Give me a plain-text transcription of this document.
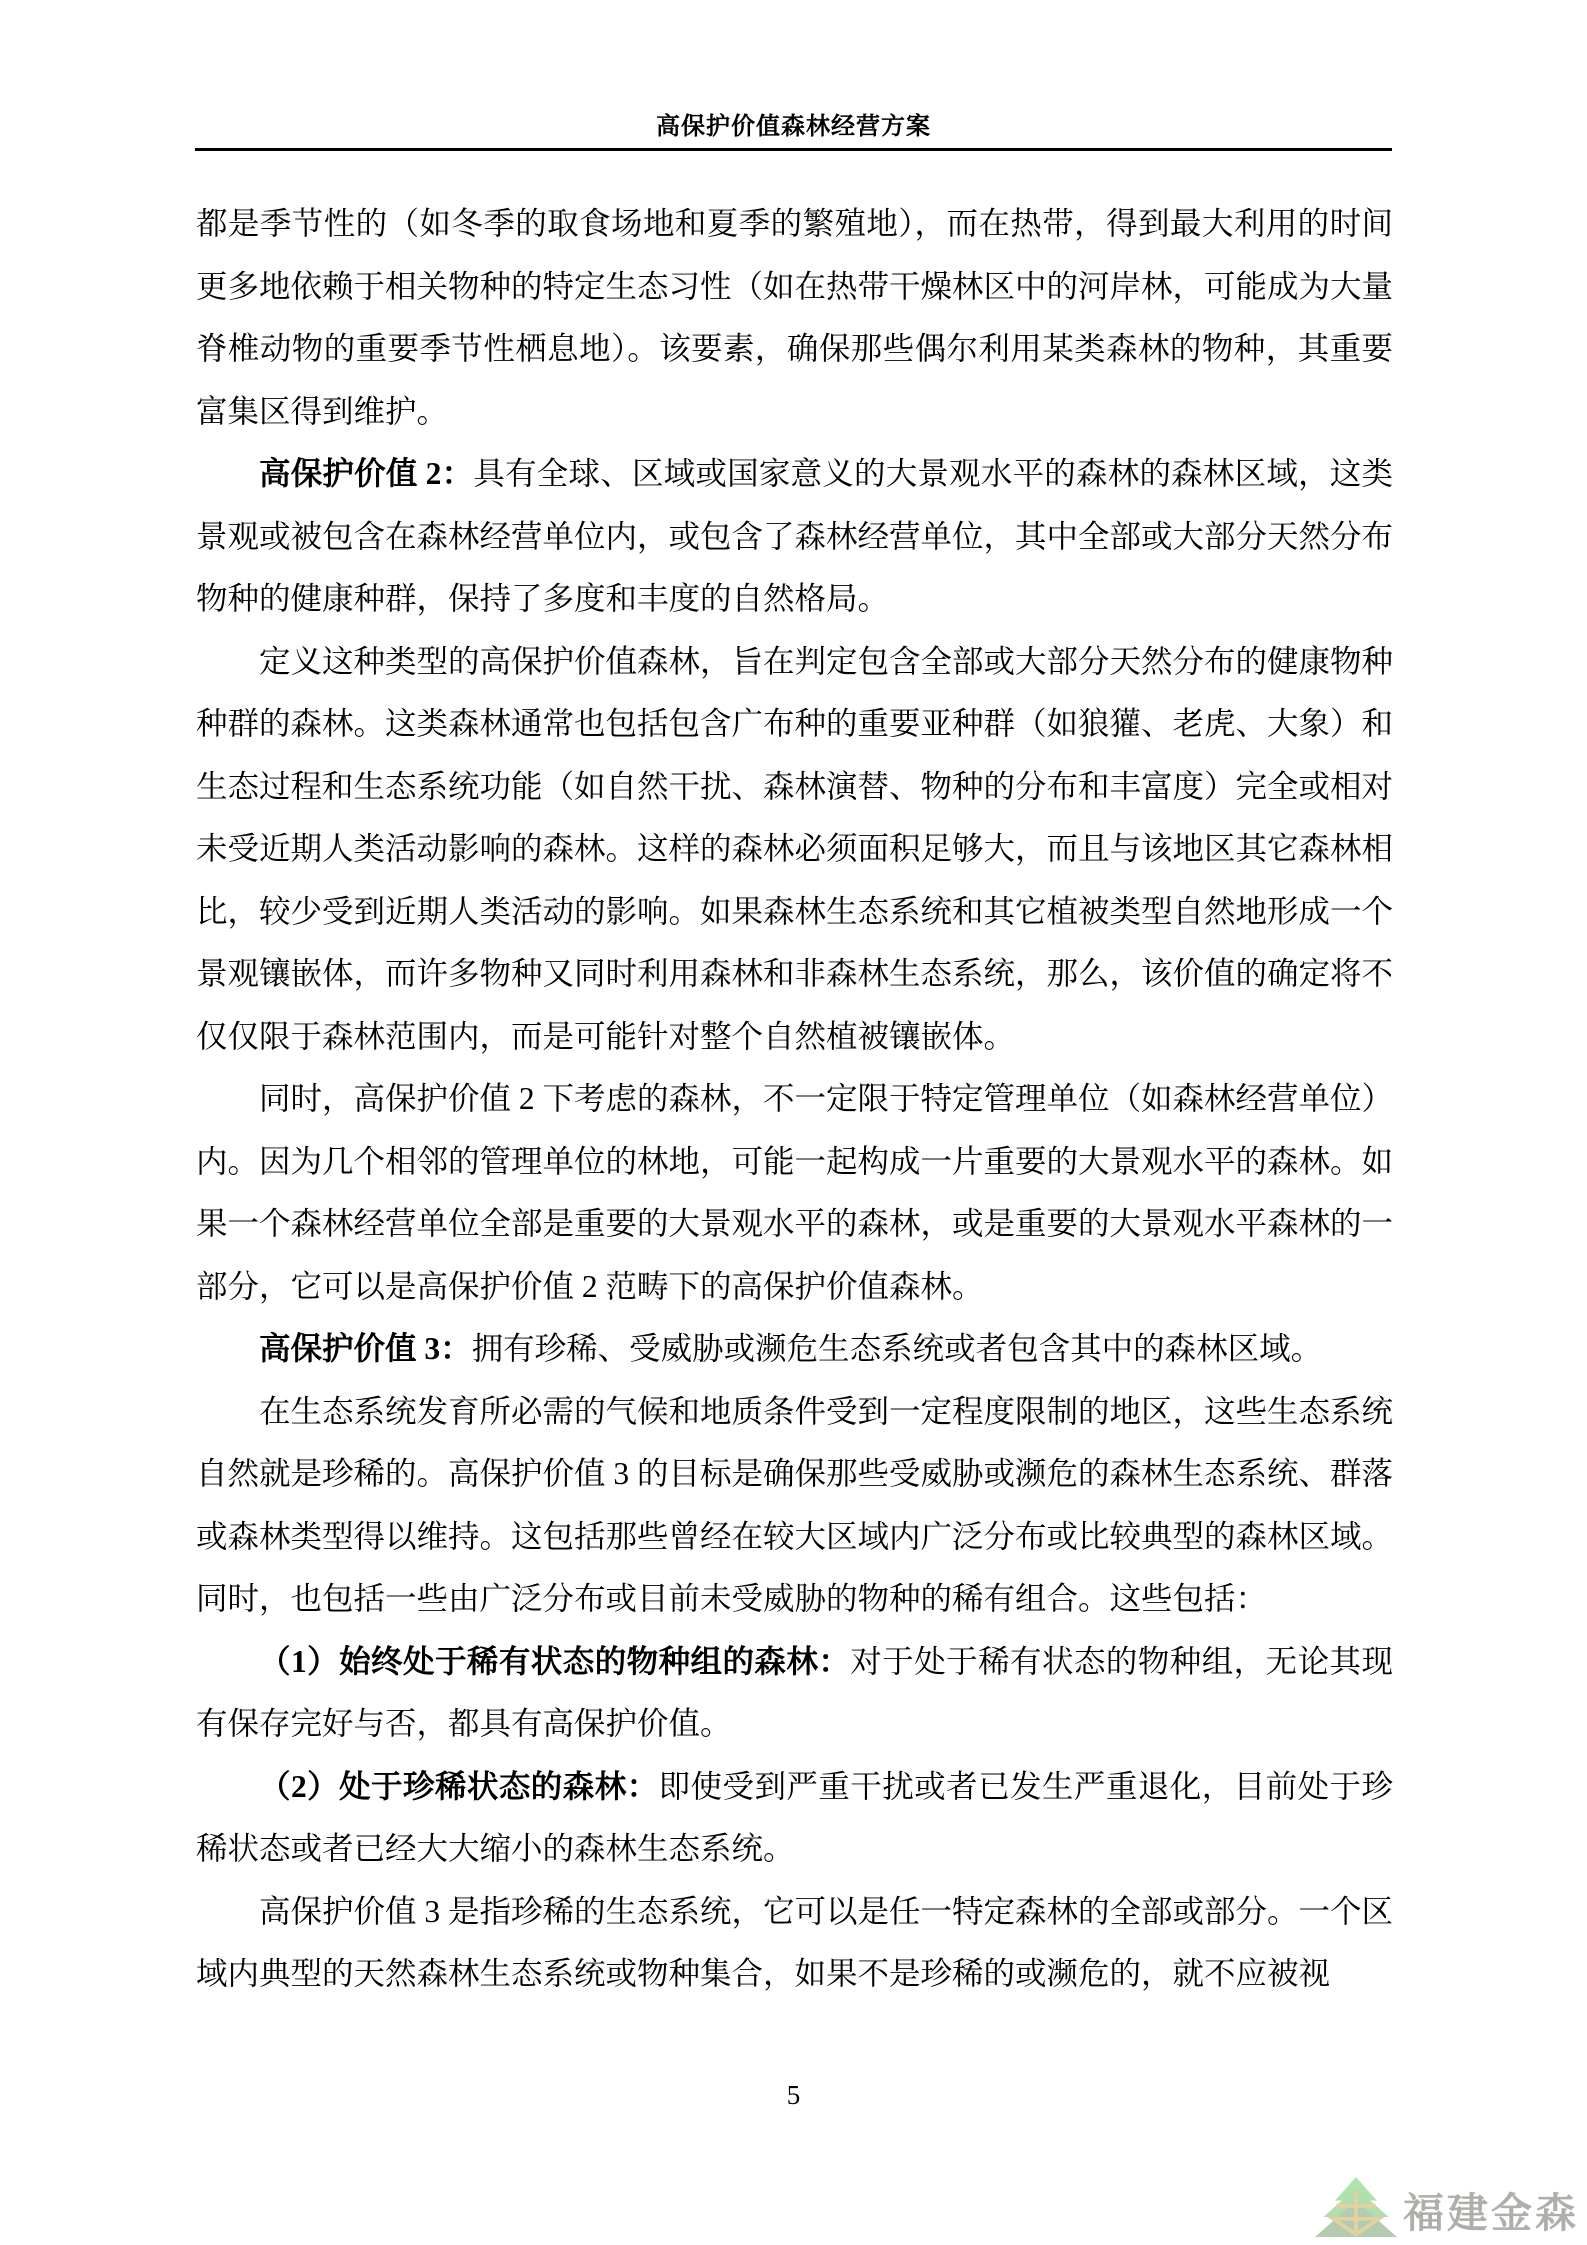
高保护价值森林经营方案

都是季节性的（如冬季的取食场地和夏季的繁殖地），而在热带，得到最大利用的时间更多地依赖于相关物种的特定生态习性（如在热带干燥林区中的河岸林，可能成为大量脊椎动物的重要季节性栖息地）。该要素，确保那些偶尔利用某类森林的物种，其重要富集区得到维护。

高保护价值 2：具有全球、区域或国家意义的大景观水平的森林的森林区域，这类景观或被包含在森林经营单位内，或包含了森林经营单位，其中全部或大部分天然分布物种的健康种群，保持了多度和丰度的自然格局。

定义这种类型的高保护价值森林，旨在判定包含全部或大部分天然分布的健康物种种群的森林。这类森林通常也包括包含广布种的重要亚种群（如狼獾、老虎、大象）和生态过程和生态系统功能（如自然干扰、森林演替、物种的分布和丰富度）完全或相对未受近期人类活动影响的森林。这样的森林必须面积足够大，而且与该地区其它森林相比，较少受到近期人类活动的影响。如果森林生态系统和其它植被类型自然地形成一个景观镶嵌体，而许多物种又同时利用森林和非森林生态系统，那么，该价值的确定将不仅仅限于森林范围内，而是可能针对整个自然植被镶嵌体。

同时，高保护价值 2 下考虑的森林，不一定限于特定管理单位（如森林经营单位）内。因为几个相邻的管理单位的林地，可能一起构成一片重要的大景观水平的森林。如果一个森林经营单位全部是重要的大景观水平的森林，或是重要的大景观水平森林的一部分，它可以是高保护价值 2 范畴下的高保护价值森林。

高保护价值 3：拥有珍稀、受威胁或濒危生态系统或者包含其中的森林区域。

在生态系统发育所必需的气候和地质条件受到一定程度限制的地区，这些生态系统自然就是珍稀的。高保护价值 3 的目标是确保那些受威胁或濒危的森林生态系统、群落或森林类型得以维持。这包括那些曾经在较大区域内广泛分布或比较典型的森林区域。同时，也包括一些由广泛分布或目前未受威胁的物种的稀有组合。这些包括：

（1）始终处于稀有状态的物种组的森林：对于处于稀有状态的物种组，无论其现有保存完好与否，都具有高保护价值。

（2）处于珍稀状态的森林：即使受到严重干扰或者已发生严重退化，目前处于珍稀状态或者已经大大缩小的森林生态系统。

高保护价值 3 是指珍稀的生态系统，它可以是任一特定森林的全部或部分。一个区域内典型的天然森林生态系统或物种集合，如果不是珍稀的或濒危的，就不应被视

5
福建金森
